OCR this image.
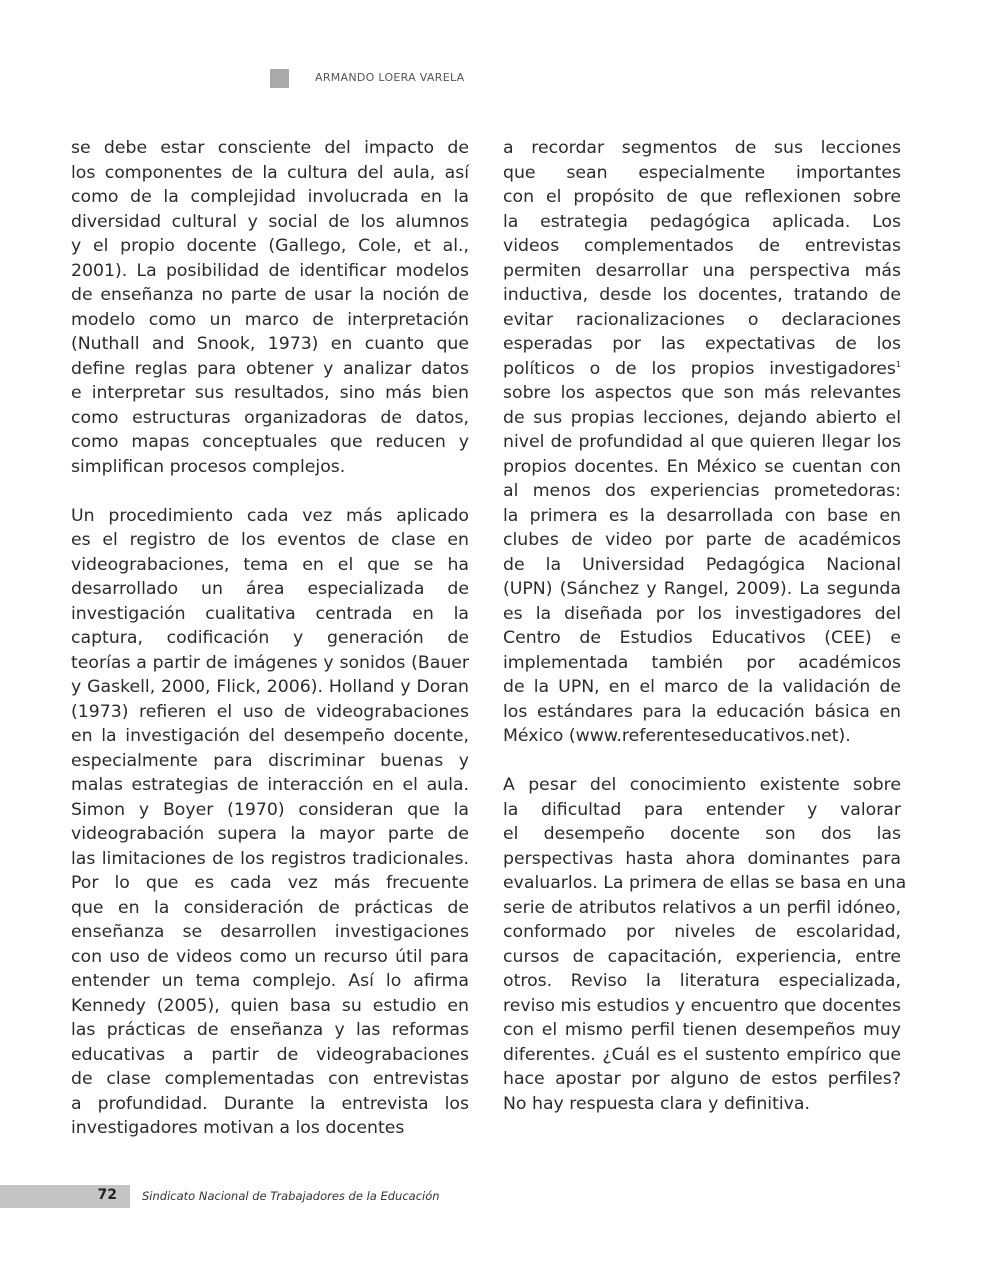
ARMANDO LOERA VARELA
se debe estar consciente del impacto de
los componentes de la cultura del aula, así
como de la complejidad involucrada en la
diversidad cultural y social de los alumnos
y el propio docente (Gallego, Cole, et al.,
2001). La posibilidad de identificar modelos
de enseñanza no parte de usar la noción de
modelo como un marco de interpretación
(Nuthall and Snook, 1973) en cuanto que
define reglas para obtener y analizar datos
e interpretar sus resultados, sino más bien
como estructuras organizadoras de datos,
como mapas conceptuales que reducen y
simplifican procesos complejos.
Un procedimiento cada vez más aplicado
es el registro de los eventos de clase en
videograbaciones, tema en el que se ha
desarrollado un área especializada de
investigación cualitativa centrada en la
captura, codificación y generación de
teorías a partir de imágenes y sonidos (Bauer
y Gaskell, 2000, Flick, 2006). Holland y Doran
(1973) refieren el uso de videograbaciones
en la investigación del desempeño docente,
especialmente para discriminar buenas y
malas estrategias de interacción en el aula.
Simon y Boyer (1970) consideran que la
videograbación supera la mayor parte de
las limitaciones de los registros tradicionales.
Por lo que es cada vez más frecuente
que en la consideración de prácticas de
enseñanza se desarrollen investigaciones
con uso de videos como un recurso útil para
entender un tema complejo. Así lo afirma
Kennedy (2005), quien basa su estudio en
las prácticas de enseñanza y las reformas
educativas a partir de videograbaciones
de clase complementadas con entrevistas
a profundidad. Durante la entrevista los
investigadores motivan a los docentes
a recordar segmentos de sus lecciones
que sean especialmente importantes
con el propósito de que reflexionen sobre
la estrategia pedagógica aplicada. Los
videos complementados de entrevistas
permiten desarrollar una perspectiva más
inductiva, desde los docentes, tratando de
evitar racionalizaciones o declaraciones
esperadas por las expectativas de los
políticos o de los propios investigadores$^1$
sobre los aspectos que son más relevantes
de sus propias lecciones, dejando abierto el
nivel de profundidad al que quieren llegar los
propios docentes. En México se cuentan con
al menos dos experiencias prometedoras:
la primera es la desarrollada con base en
clubes de video por parte de académicos
de la Universidad Pedagógica Nacional
(UPN) (Sánchez y Rangel, 2009). La segunda
es la diseñada por los investigadores del
Centro de Estudios Educativos (CEE) e
implementada también por académicos
de la UPN, en el marco de la validación de
los estándares para la educación básica en
México (www.referenteseducativos.net).
A pesar del conocimiento existente sobre
la dificultad para entender y valorar
el desempeño docente son dos las
perspectivas hasta ahora dominantes para
evaluarlos. La primera de ellas se basa en una
serie de atributos relativos a un perfil idóneo,
conformado por niveles de escolaridad,
cursos de capacitación, experiencia, entre
otros. Reviso la literatura especializada,
reviso mis estudios y encuentro que docentes
con el mismo perfil tienen desempeños muy
diferentes. ¿Cuál es el sustento empírico que
hace apostar por alguno de estos perfiles?
No hay respuesta clara y definitiva.
72 Sindicato Nacional de Trabajadores de la Educación
